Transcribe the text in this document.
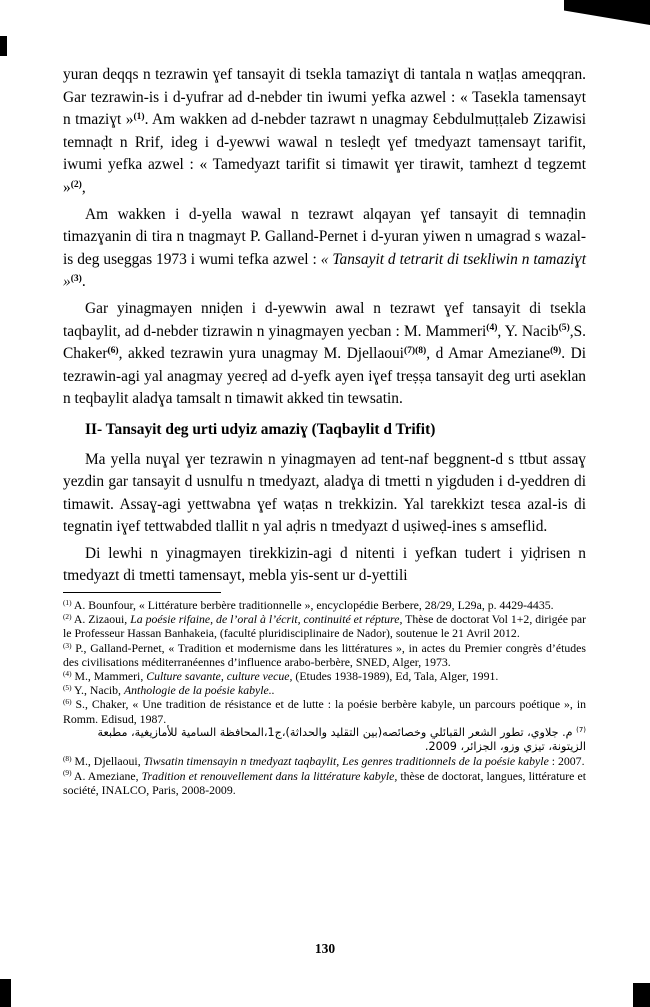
yuran deqqs n tezrawin ɣef tansayit di tsekla tamaziɣt di tantala n waṭḷas ameqqran. Gar tezrawin-is i d-yufrar ad d-nebder tin iwumi yefka azwel : « Tasekla tamensayt n tmaziɣt »$^{(1)}$. Am wakken ad d-nebder tazrawt n unagmay Ɛebdulmuṭṭaleb Zizawisi temnaḍt n Rrif, ideg i d-yewwi wawal n tesleḍt ɣef tmedyazt tamensayt tarifit, iwumi yefka azwel : « Tamedyazt tarifit si timawit ɣer tirawit, tamhezt d tegzemt »$^{(2)}$,

Am wakken i d-yella wawal n tezrawt alqayan ɣef tansayit di temnaḍin timazɣanin di tira n tnagmayt P. Galland-Pernet i d-yuran yiwen n umagrad s wazal-is deg useggas 1973 i wumi tefka azwel : « Tansayit d tetrarit di tsekliwin n tamaziɣt »$^{(3)}$.

Gar yinagmayen nniḍen i d-yewwin awal n tezrawt ɣef tansayit di tsekla taqbaylit, ad d-nebder tizrawin n yinagmayen yecban : M. Mammeri$^{(4)}$, Y. Nacib$^{(5)}$,S. Chaker$^{(6)}$, akked tezrawin yura unagmay M. Djellaoui$^{(7)(8)}$, d Amar Ameziane$^{(9)}$. Di tezrawin-agi yal anagmay yeɛreḍ ad d-yefk ayen iɣef treṣṣa tansayit deg urti aseklan n teqbaylit aladɣa tamsalt n timawit akked tin tewsatin.

II- Tansayit deg urti udyiz amaziɣ (Taqbaylit d Trifit)

Ma yella nuɣal ɣer tezrawin n yinagmayen ad tent-naf beggnent-d s ttbut assaɣ yezdin gar tansayit d usnulfu n tmedyazt, aladɣa di tmetti n yigduden i d-yeddren di timawit. Assaɣ-agi yettwabna ɣef waṭas n trekkizin. Yal tarekkizt tesɛa azal-is di tegnatin iɣef tettwabded tlallit n yal aḍris n tmedyazt d uṣiweḍ-ines s amseflid.

Di lewhi n yinagmayen tirekkizin-agi d nitenti i yefkan tudert i yiḍrisen n tmedyazt di tmetti tamensayt, mebla yis-sent ur d-yettili

$^{(1)}$ A. Bounfour, « Littérature berbère traditionnelle », encyclopédie Berbere, 28/29, L29a, p. 4429-4435.

$^{(2)}$ A. Zizaoui, La poésie rifaine, de l’oral à l’écrit, continuité et répture, Thèse de doctorat Vol 1+2, dirigée par le Professeur Hassan Banhakeia, (faculté pluridisciplinaire de Nador), soutenue le 21 Avril 2012.

$^{(3)}$ P., Galland-Pernet, « Tradition et modernisme dans les littératures », in actes du Premier congrès d’études des civilisations méditerranéennes d’influence arabo-berbère, SNED, Alger, 1973.

$^{(4)}$ M., Mammeri, Culture savante, culture vecue, (Etudes 1938-1989), Ed, Tala, Alger, 1991.

$^{(5)}$ Y., Nacib, Anthologie de la poésie kabyle..

$^{(6)}$ S., Chaker, « Une tradition de résistance et de lutte : la poésie berbère kabyle, un parcours poétique », in Romm. Edisud, 1987.

$^{(7)}$ م. جلاوي، تطور الشعر القبائلي وخصائصه(بين التقليد والحداثة)،ج1،المحافظة السامية للأمازيغية، مطبعة الزيتونة، تيزي وزو، الجزائر، 2009.

$^{(8)}$ M., Djellaoui, Tiwsatin timensayin n tmedyazt taqbaylit, Les genres traditionnels de la poésie kabyle : 2007.

$^{(9)}$ A. Ameziane, Tradition et renouvellement dans la littérature kabyle, thèse de doctorat, langues, littérature et société, INALCO, Paris, 2008-2009.

130
